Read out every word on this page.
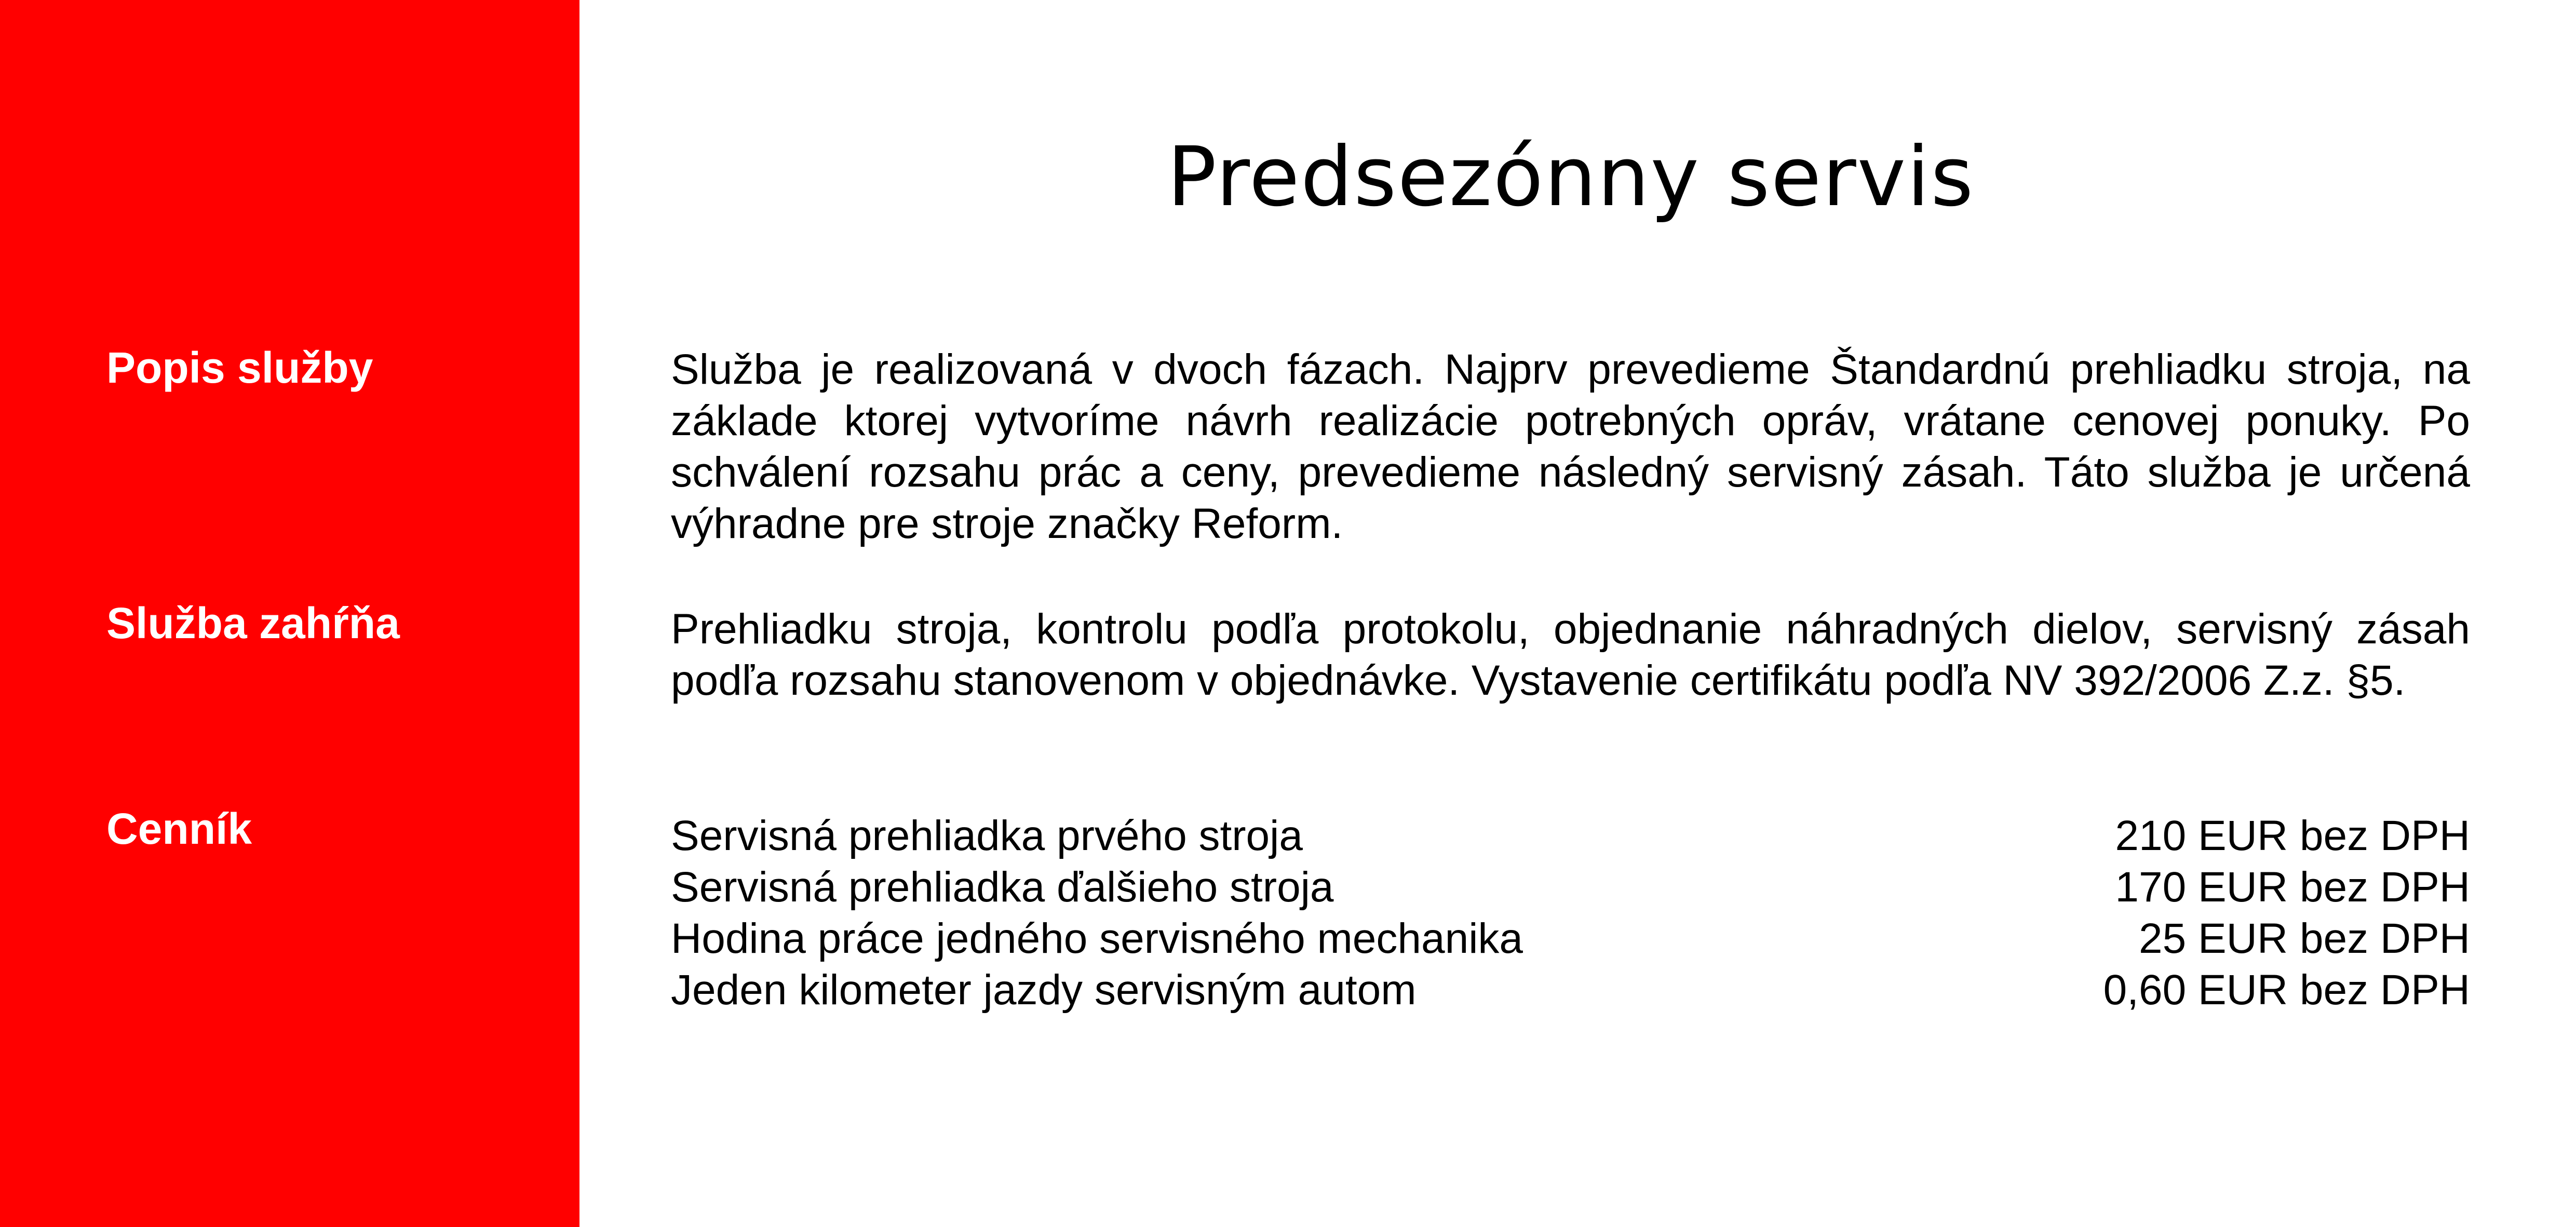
Popis služby
Služba zahŕňa
Cenník
Predsezónny servis

Služba je realizovaná v dvoch fázach. Najprv prevedieme Štandardnú prehliadku stroja, na základe ktorej vytvoríme návrh realizácie potrebných opráv, vrátane cenovej ponuky. Po schválení rozsahu prác a ceny, prevedieme následný servisný zásah. Táto služba je určená výhradne pre stroje značky Reform.

Prehliadku stroja, kontrolu podľa protokolu, objednanie náhradných dielov, servisný zásah podľa rozsahu stanovenom v objednávke. Vystavenie certifikátu podľa NV 392/2006 Z.z. §5.

Servisná prehliadka prvého stroja	210 EUR bez DPH
Servisná prehliadka ďalšieho stroja	170 EUR bez DPH
Hodina práce jedného servisného mechanika	25 EUR bez DPH
Jeden kilometer jazdy servisným autom	0,60 EUR bez DPH
